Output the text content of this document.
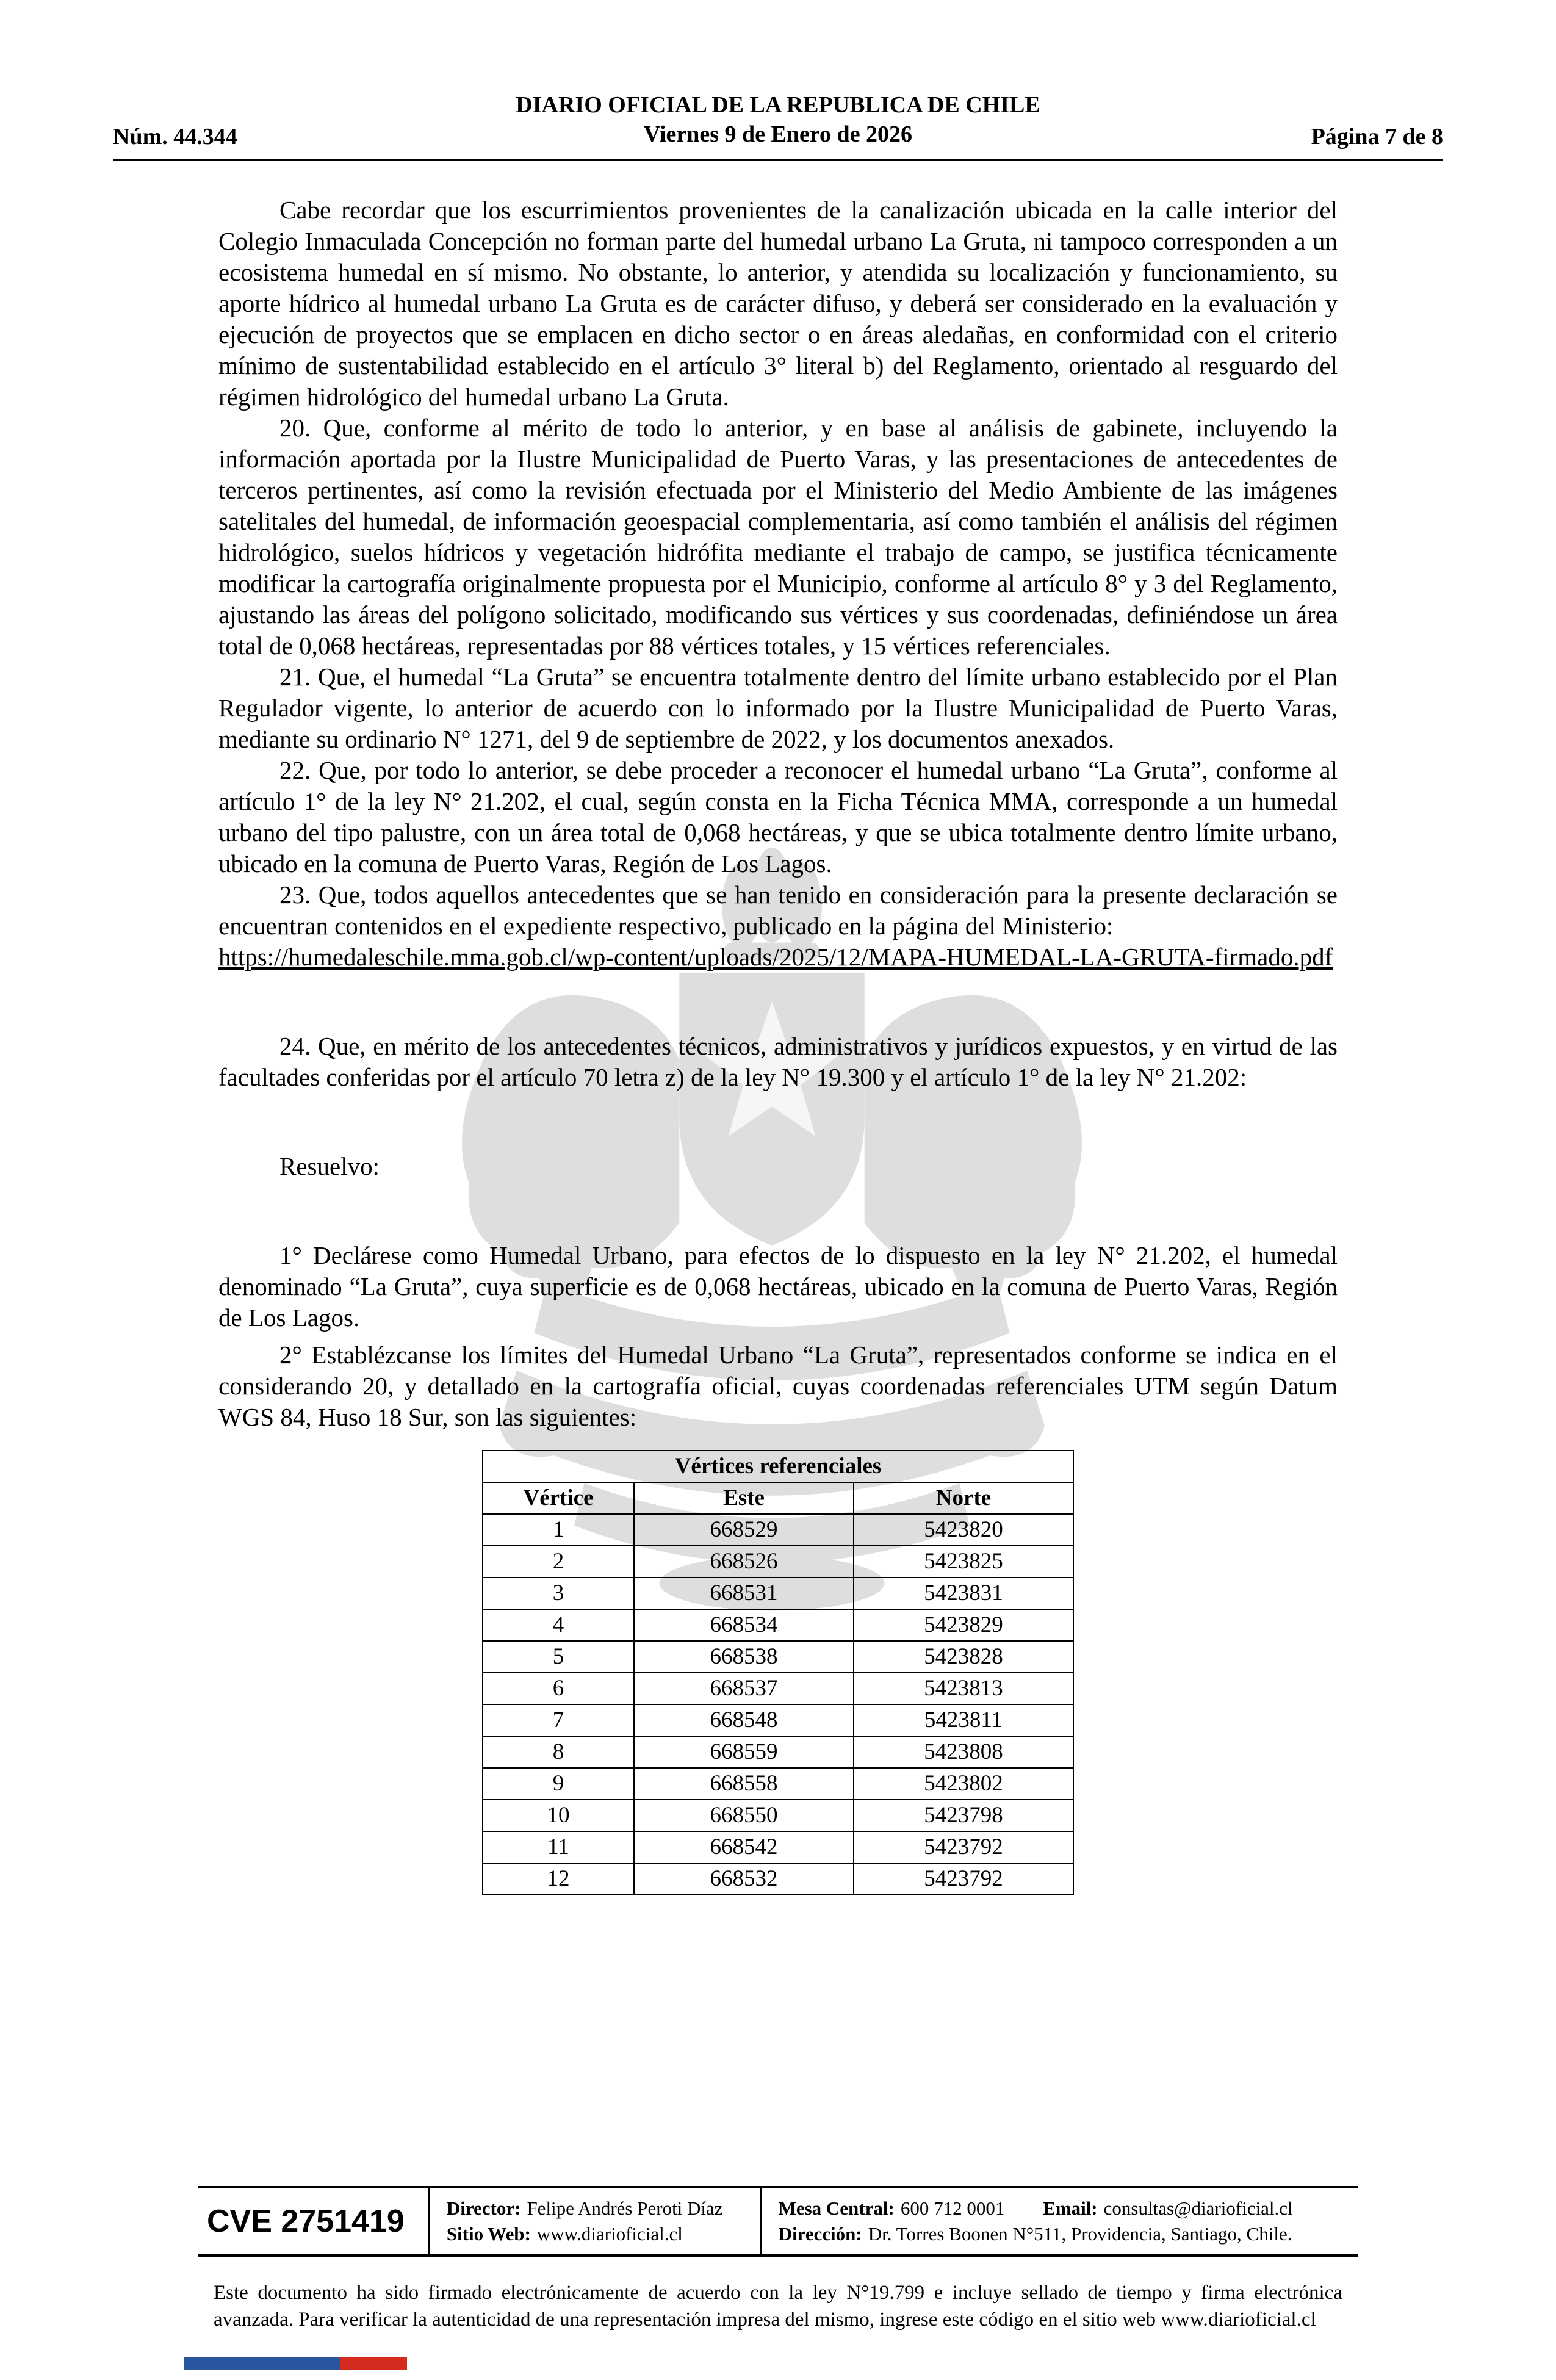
DIARIO OFICIAL DE LA REPUBLICA DE CHILE
Viernes 9 de Enero de 2026
Núm. 44.344	Página 7 de 8

Cabe recordar que los escurrimientos provenientes de la canalización ubicada en la calle interior del Colegio Inmaculada Concepción no forman parte del humedal urbano La Gruta, ni tampoco corresponden a un ecosistema humedal en sí mismo. No obstante, lo anterior, y atendida su localización y funcionamiento, su aporte hídrico al humedal urbano La Gruta es de carácter difuso, y deberá ser considerado en la evaluación y ejecución de proyectos que se emplacen en dicho sector o en áreas aledañas, en conformidad con el criterio mínimo de sustentabilidad establecido en el artículo 3° literal b) del Reglamento, orientado al resguardo del régimen hidrológico del humedal urbano La Gruta.

20. Que, conforme al mérito de todo lo anterior, y en base al análisis de gabinete, incluyendo la información aportada por la Ilustre Municipalidad de Puerto Varas, y las presentaciones de antecedentes de terceros pertinentes, así como la revisión efectuada por el Ministerio del Medio Ambiente de las imágenes satelitales del humedal, de información geoespacial complementaria, así como también el análisis del régimen hidrológico, suelos hídricos y vegetación hidrófita mediante el trabajo de campo, se justifica técnicamente modificar la cartografía originalmente propuesta por el Municipio, conforme al artículo 8° y 3 del Reglamento, ajustando las áreas del polígono solicitado, modificando sus vértices y sus coordenadas, definiéndose un área total de 0,068 hectáreas, representadas por 88 vértices totales, y 15 vértices referenciales.

21. Que, el humedal “La Gruta” se encuentra totalmente dentro del límite urbano establecido por el Plan Regulador vigente, lo anterior de acuerdo con lo informado por la Ilustre Municipalidad de Puerto Varas, mediante su ordinario N° 1271, del 9 de septiembre de 2022, y los documentos anexados.

22. Que, por todo lo anterior, se debe proceder a reconocer el humedal urbano “La Gruta”, conforme al artículo 1° de la ley N° 21.202, el cual, según consta en la Ficha Técnica MMA, corresponde a un humedal urbano del tipo palustre, con un área total de 0,068 hectáreas, y que se ubica totalmente dentro límite urbano, ubicado en la comuna de Puerto Varas, Región de Los Lagos.

23. Que, todos aquellos antecedentes que se han tenido en consideración para la presente declaración se encuentran contenidos en el expediente respectivo, publicado en la página del Ministerio:

https://humedaleschile.mma.gob.cl/wp-content/uploads/2025/12/MAPA-HUMEDAL-LA-GRUTA-firmado.pdf

24. Que, en mérito de los antecedentes técnicos, administrativos y jurídicos expuestos, y en virtud de las facultades conferidas por el artículo 70 letra z) de la ley N° 19.300 y el artículo 1° de la ley N° 21.202:

Resuelvo:

1° Declárese como Humedal Urbano, para efectos de lo dispuesto en la ley N° 21.202, el humedal denominado “La Gruta”, cuya superficie es de 0,068 hectáreas, ubicado en la comuna de Puerto Varas, Región de Los Lagos.

2° Establézcanse los límites del Humedal Urbano “La Gruta”, representados conforme se indica en el considerando 20, y detallado en la cartografía oficial, cuyas coordenadas referenciales UTM según Datum WGS 84, Huso 18 Sur, son las siguientes:

Vértices referenciales		
Vértice	Este	Norte
1	668529	5423820
2	668526	5423825
3	668531	5423831
4	668534	5423829
5	668538	5423828
6	668537	5423813
7	668548	5423811
8	668559	5423808
9	668558	5423802
10	668550	5423798
11	668542	5423792
12	668532	5423792
CVE 2751419	Director: Felipe Andrés Peroti Díaz
Sitio Web: www.diarioficial.cl
Mesa Central: 600 712 0001 Email: consultas@diarioficial.cl
Dirección: Dr. Torres Boonen N°511, Providencia, Santiago, Chile.
Este documento ha sido firmado electrónicamente de acuerdo con la ley N°19.799 e incluye sellado de tiempo y firma electrónica avanzada. Para verificar la autenticidad de una representación impresa del mismo, ingrese este código en el sitio web www.diarioficial.cl
